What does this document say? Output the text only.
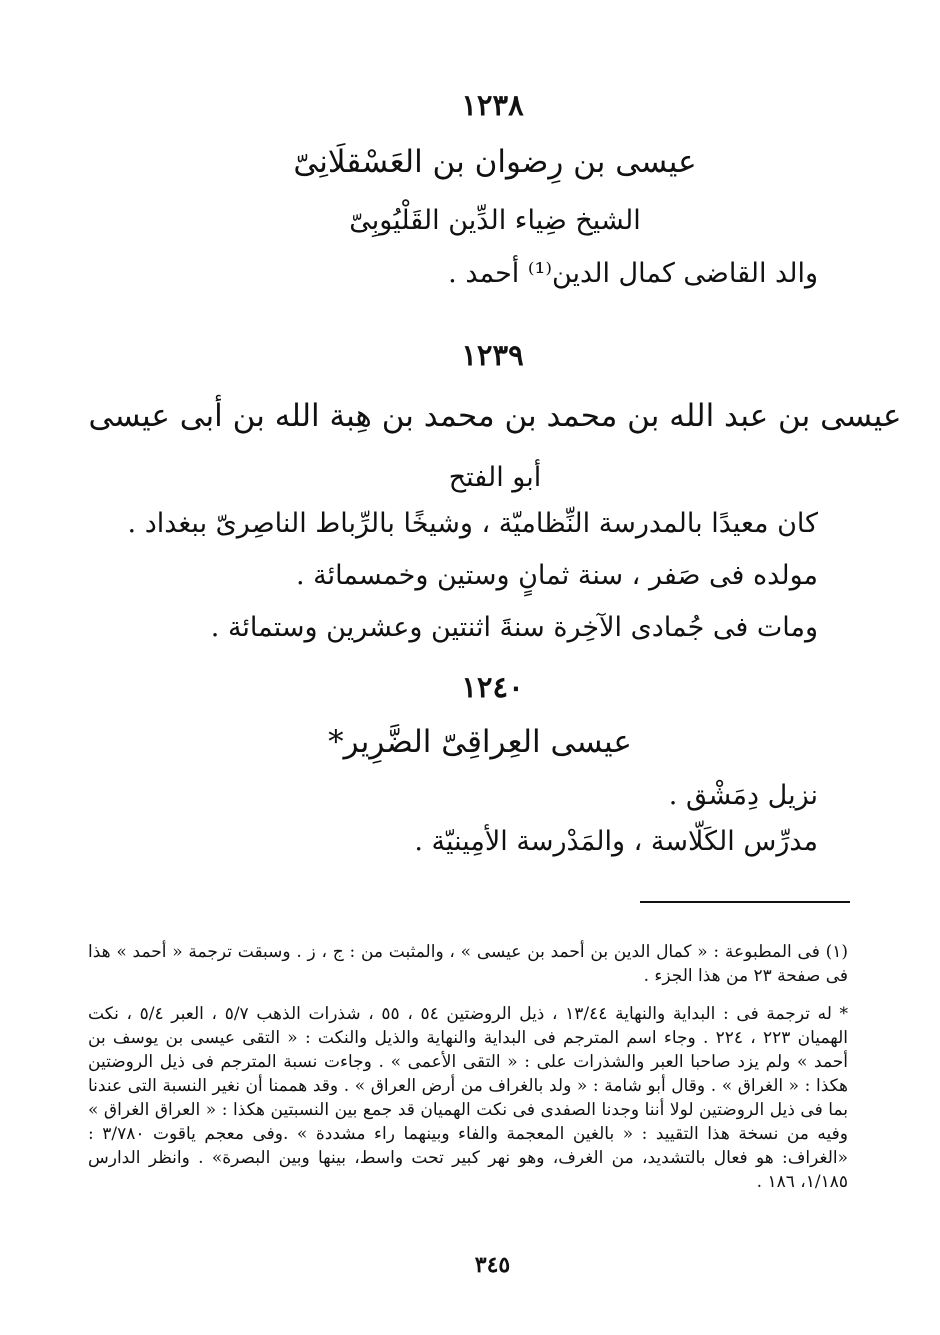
١٢٣٨
عيسى بن رِضوان بن العَسْقلَانِىّ
الشيخ ضِياء الدِّين القَلْيُوبِىّ
والد القاضى كمال الدين⁽¹⁾ أحمد .
١٢٣٩
عيسى بن عبد الله بن محمد بن محمد بن هِبة الله بن أبى عيسى
أبو الفتح
كان معيدًا بالمدرسة النِّظاميّة ، وشيخًا بالرِّباط الناصِرىّ ببغداد .
مولده فى صَفر ، سنة ثمانٍ وستين وخمسمائة .
ومات فى جُمادى الآخِرة سنةَ اثنتين وعشرين وستمائة .
١٢٤٠
عيسى العِراقِىّ الضَّرِير*
نزيل دِمَشْق .
مدرِّس الكَلّاسة ، والمَدْرسة الأمِينيّة .
(١) فى المطبوعة : « كمال الدين بن أحمد بن عيسى » ، والمثبت من : ج ، ز . وسبقت ترجمة « أحمد » هذا فى صفحة ٢٣ من هذا الجزء .
* له ترجمة فى : البداية والنهاية ١٣/٤٤ ، ذيل الروضتين ٥٤ ، ٥٥ ، شذرات الذهب ٥/٧ ، العبر ٥/٤ ، نكت الهميان ٢٢٣ ، ٢٢٤ . وجاء اسم المترجم فى البداية والنهاية والذيل والنكت : « التقى عيسى بن يوسف بن أحمد » ولم يزد صاحبا العبر والشذرات على : « التقى الأعمى » . وجاءت نسبة المترجم فى ذيل الروضتين هكذا : « الغراق » . وقال أبو شامة : « ولد بالغراف من أرض العراق » . وقد هممنا أن نغير النسبة التى عندنا بما فى ذيل الروضتين لولا أننا وجدنا الصفدى فى نكت الهميان قد جمع بين النسبتين هكذا : « العراق الغراق » وفيه من نسخة هذا التقييد : « بالغين المعجمة والفاء وبينهما راء مشددة » .وفى معجم ياقوت ٣/٧٨٠ : «الغراف: هو فعال بالتشديد، من الغرف، وهو نهر كبير تحت واسط، بينها وبين البصرة» . وانظر الدارس ١/١٨٥، ١٨٦ .
٣٤٥
